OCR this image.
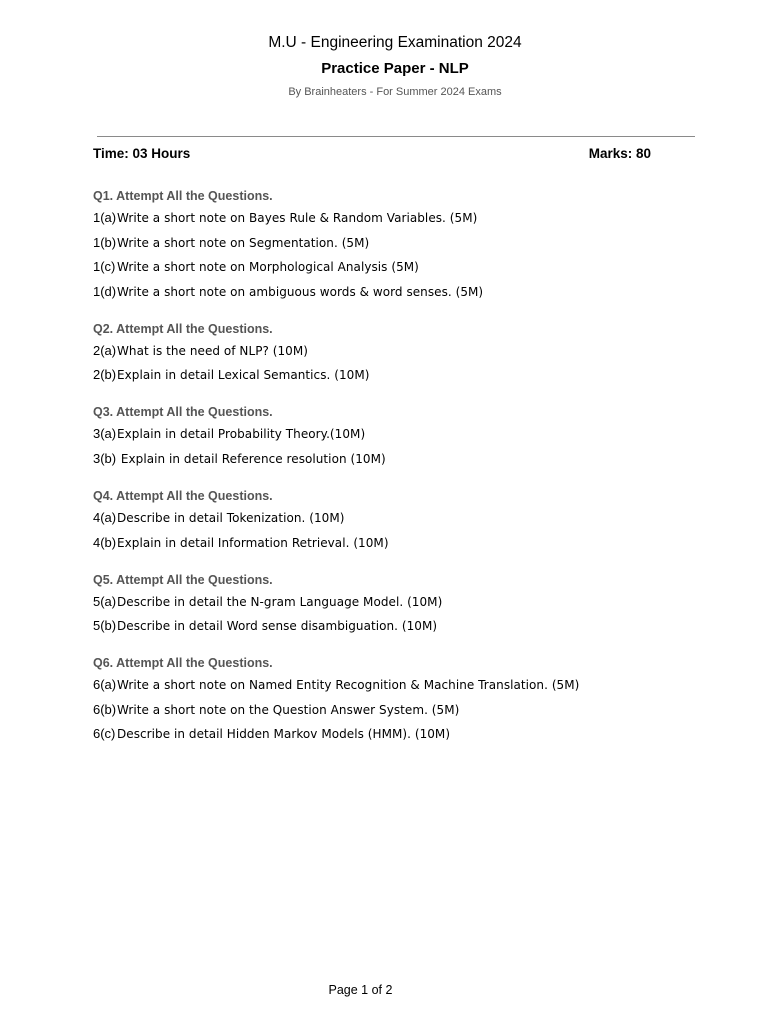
M.U - Engineering Examination 2024
Practice Paper - NLP
By Brainheaters - For Summer 2024 Exams
Time: 03 Hours	Marks: 80
Q1. Attempt All the Questions.
1(a) Write a short note on Bayes Rule & Random Variables. (5M)
1(b) Write a short note on Segmentation. (5M)
1(c) Write a short note on Morphological Analysis (5M)
1(d) Write a short note on ambiguous words & word senses. (5M)
Q2. Attempt All the Questions.
2(a) What is the need of NLP? (10M)
2(b) Explain in detail Lexical Semantics. (10M)
Q3. Attempt All the Questions.
3(a) Explain in detail Probability Theory.(10M)
3(b) Explain in detail Reference resolution (10M)
Q4. Attempt All the Questions.
4(a) Describe in detail Tokenization. (10M)
4(b) Explain in detail Information Retrieval. (10M)
Q5. Attempt All the Questions.
5(a) Describe in detail the N-gram Language Model. (10M)
5(b) Describe in detail Word sense disambiguation. (10M)
Q6. Attempt All the Questions.
6(a) Write a short note on Named Entity Recognition & Machine Translation. (5M)
6(b) Write a short note on the Question Answer System. (5M)
6(c) Describe in detail Hidden Markov Models (HMM). (10M)
Page 1 of 2
